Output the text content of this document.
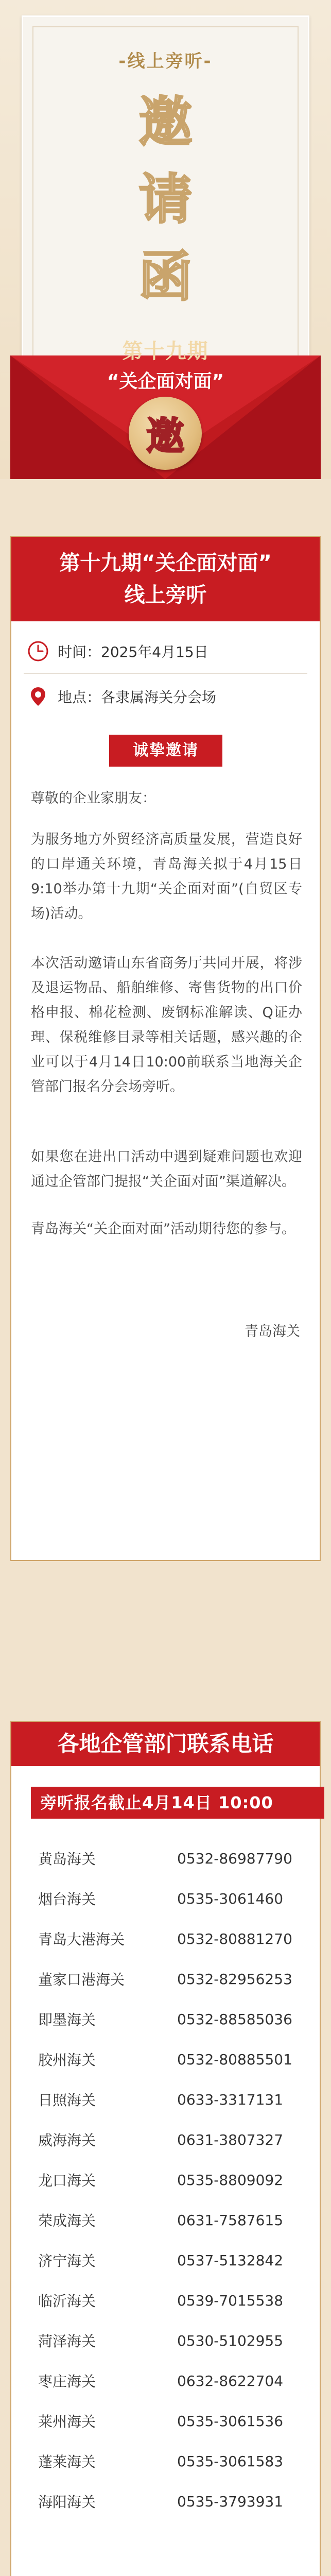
-线上旁听-
邀
请
函
第十九期
“关企面对面”
邀
第十九期“关企面对面”
线上旁听
时间：2025年4月15日
地点：各隶属海关分会场
诚挚邀请
尊敬的企业家朋友：
为服务地方外贸经济高质量发展，营造良好的口岸通关环境，青岛海关拟于4月15日9:10举办第十九期“关企面对面”(自贸区专场)活动。
本次活动邀请山东省商务厅共同开展，将涉及退运物品、船舶维修、寄售货物的出口价格申报、棉花检测、废钢标准解读、Q证办理、保税维修目录等相关话题，感兴趣的企业可以于4月14日10:00前联系当地海关企管部门报名分会场旁听。
如果您在进出口活动中遇到疑难问题也欢迎通过企管部门提报“关企面对面”渠道解决。
青岛海关“关企面对面”活动期待您的参与。
青岛海关
各地企管部门联系电话
旁听报名截止4月14日 10:00
黄岛海关	0532-86987790
烟台海关	0535-3061460
青岛大港海关	0532-80881270
董家口港海关	0532-82956253
即墨海关	0532-88585036
胶州海关	0532-80885501
日照海关	0633-3317131
威海海关	0631-3807327
龙口海关	0535-8809092
荣成海关	0631-7587615
济宁海关	0537-5132842
临沂海关	0539-7015538
菏泽海关	0530-5102955
枣庄海关	0632-8622704
莱州海关	0535-3061536
蓬莱海关	0535-3061583
海阳海关	0535-3793931
